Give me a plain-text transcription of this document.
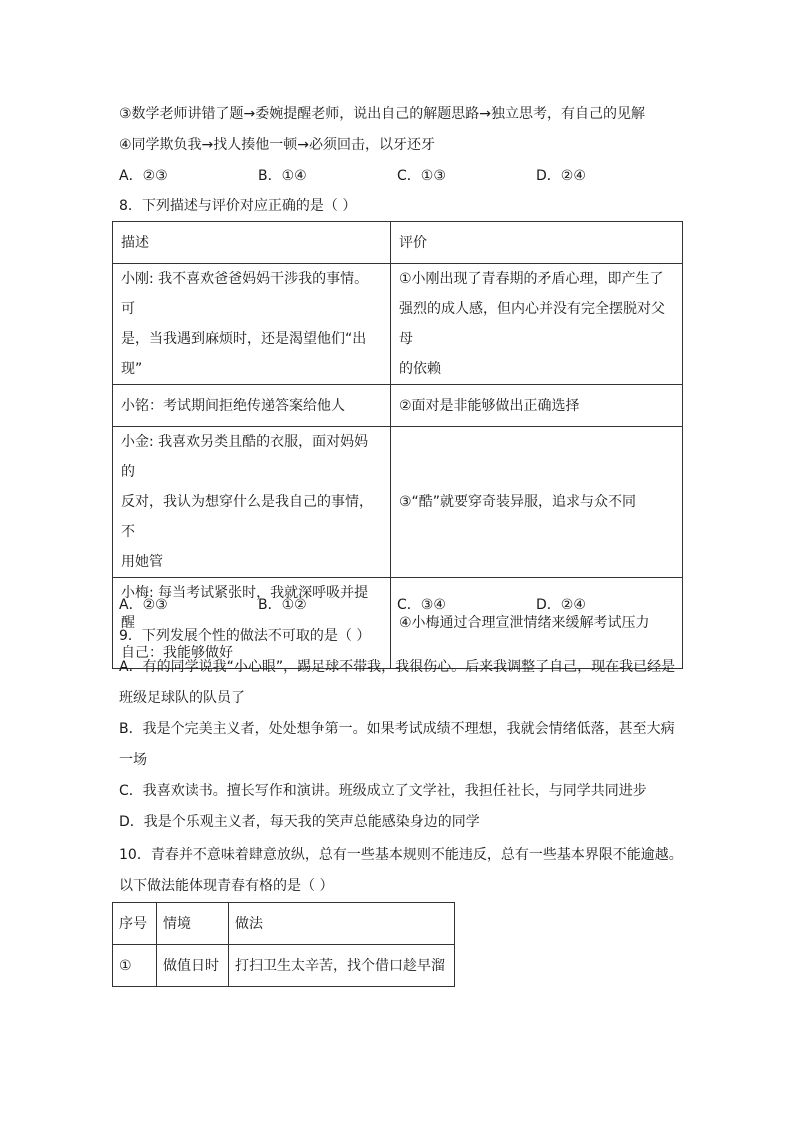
③数学老师讲错了题→委婉提醒老师，说出自己的解题思路→独立思考，有自己的见解
④同学欺负我→找人揍他一顿→必须回击，以牙还牙
A．②③	B．①④	C．①③	D．②④
8．下列描述与评价对应正确的是（ ）
描述	评价
小刚: 我不喜欢爸爸妈妈干涉我的事情。可
是，当我遇到麻烦时，还是渴望他们“出现”	①小刚出现了青春期的矛盾心理，即产生了
强烈的成人感，但内心并没有完全摆脱对父母
的依赖
小铭：考试期间拒绝传递答案给他人	②面对是非能够做出正确选择
小金: 我喜欢另类且酷的衣服，面对妈妈的
反对，我认为想穿什么是我自己的事情，不
用她管	③“酷”就要穿奇装异服，追求与众不同
小梅: 每当考试紧张时，我就深呼吸并提醒
自己：我能够做好	④小梅通过合理宣泄情绪来缓解考试压力
A．②③	B．①②	C．③④	D．②④
9．下列发展个性的做法不可取的是（ ）
A．有的同学说我“小心眼”，踢足球不带我，我很伤心。后来我调整了自己，现在我已经是
班级足球队的队员了
B．我是个完美主义者，处处想争第一。如果考试成绩不理想，我就会情绪低落，甚至大病
一场
C．我喜欢读书。擅长写作和演讲。班级成立了文学社，我担任社长，与同学共同进步
D．我是个乐观主义者，每天我的笑声总能感染身边的同学
10．青春并不意味着肆意放纵，总有一些基本规则不能违反，总有一些基本界限不能逾越。
以下做法能体现青春有格的是（ ）
序号	情境	做法
①	做值日时	打扫卫生太辛苦，找个借口趁早溜
